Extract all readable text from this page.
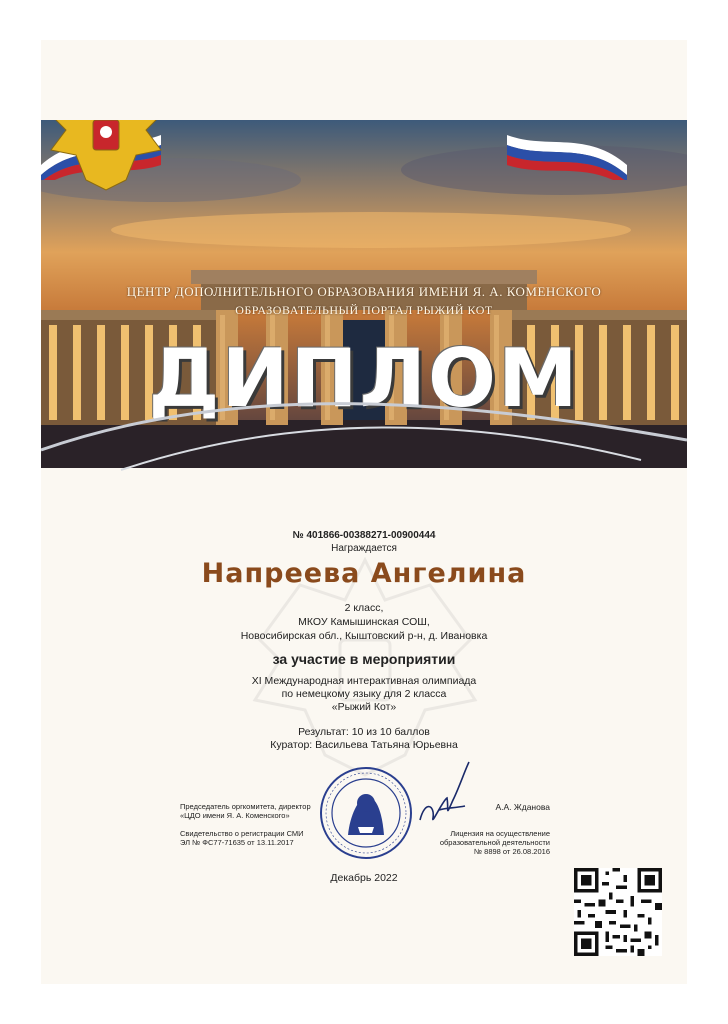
ЦЕНТР ДОПОЛНИТЕЛЬНОГО ОБРАЗОВАНИЯ ИМЕНИ Я. А. КОМЕНСКОГО
ОБРАЗОВАТЕЛЬНЫЙ ПОРТАЛ РЫЖИЙ КОТ
ДИПЛОМ
№ 401866-00388271-00900444
Награждается
Напреева Ангелина
2 класс,
МКОУ Камышинская СОШ,
Новосибирская обл., Кыштовский р-н, д. Ивановка
за участие в мероприятии
XI Международная интерактивная олимпиада
по немецкому языку для 2 класса
«Рыжий Кот»
Результат: 10 из 10 баллов
Куратор: Васильева Татьяна Юрьевна
Председатель оргкомитета, директор
«ЦДО имени Я. А. Коменского»
Свидетельство о регистрации СМИ
ЭЛ № ФС77-71635 от 13.11.2017
А.А. Жданова
Лицензия на осуществление
образовательной деятельности
№ 8898 от 26.08.2016
Декабрь 2022
